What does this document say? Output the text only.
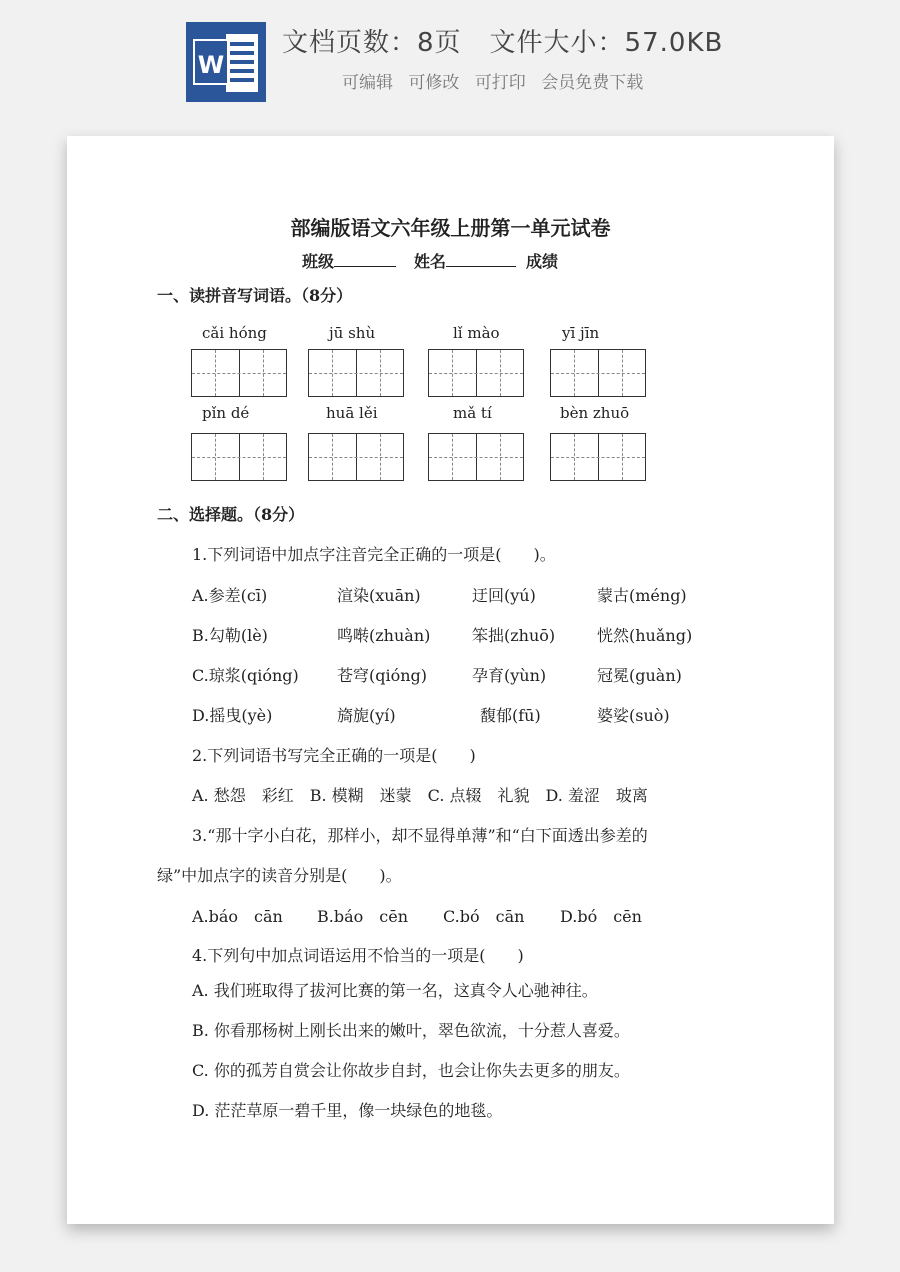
W
文档页数：8页 文件大小：57.0KB
可编辑 可修改 可打印 会员免费下载
部编版语文六年级上册第一单元试卷
班级	姓名	成绩
一、读拼音写词语。（8分）
cǎi hóng	jū shù	lǐ mào	yī jīn
pǐn dé	huā lěi	mǎ tí	bèn zhuō
二、选择题。（8分）
1.下列词语中加点字注音完全正确的一项是(　　)。
A.参差(cī)	渲染(xuān)	迂回(yú)	蒙古(méng)
B.勾勒(lè)	鸣啭(zhuàn)	笨拙(zhuō)	恍然(huǎng)
C.琼浆(qióng) 苍穹(qióng)	孕育(yùn)	冠冕(guàn)
D.摇曳(yè)	旖旎(yí)	馥郁(fū)	婆娑(suò)
2.下列词语书写完全正确的一项是(　　)
A. 愁怨　彩红　B. 模糊　迷蒙　C. 点辍　礼貌　D. 羞涩　玻离
3.“那十字小白花，那样小，却不显得单薄”和“白下面透出参差的
绿”中加点字的读音分别是(　　)。
A.báo　cān B.báo　cēn C.bó　cān D.bó　cēn
4.下列句中加点词语运用不恰当的一项是(　　)
A. 我们班取得了拔河比赛的第一名，这真令人心驰神往。
B. 你看那杨树上刚长出来的嫩叶，翠色欲流，十分惹人喜爱。
C. 你的孤芳自赏会让你故步自封，也会让你失去更多的朋友。
D. 茫茫草原一碧千里，像一块绿色的地毯。
